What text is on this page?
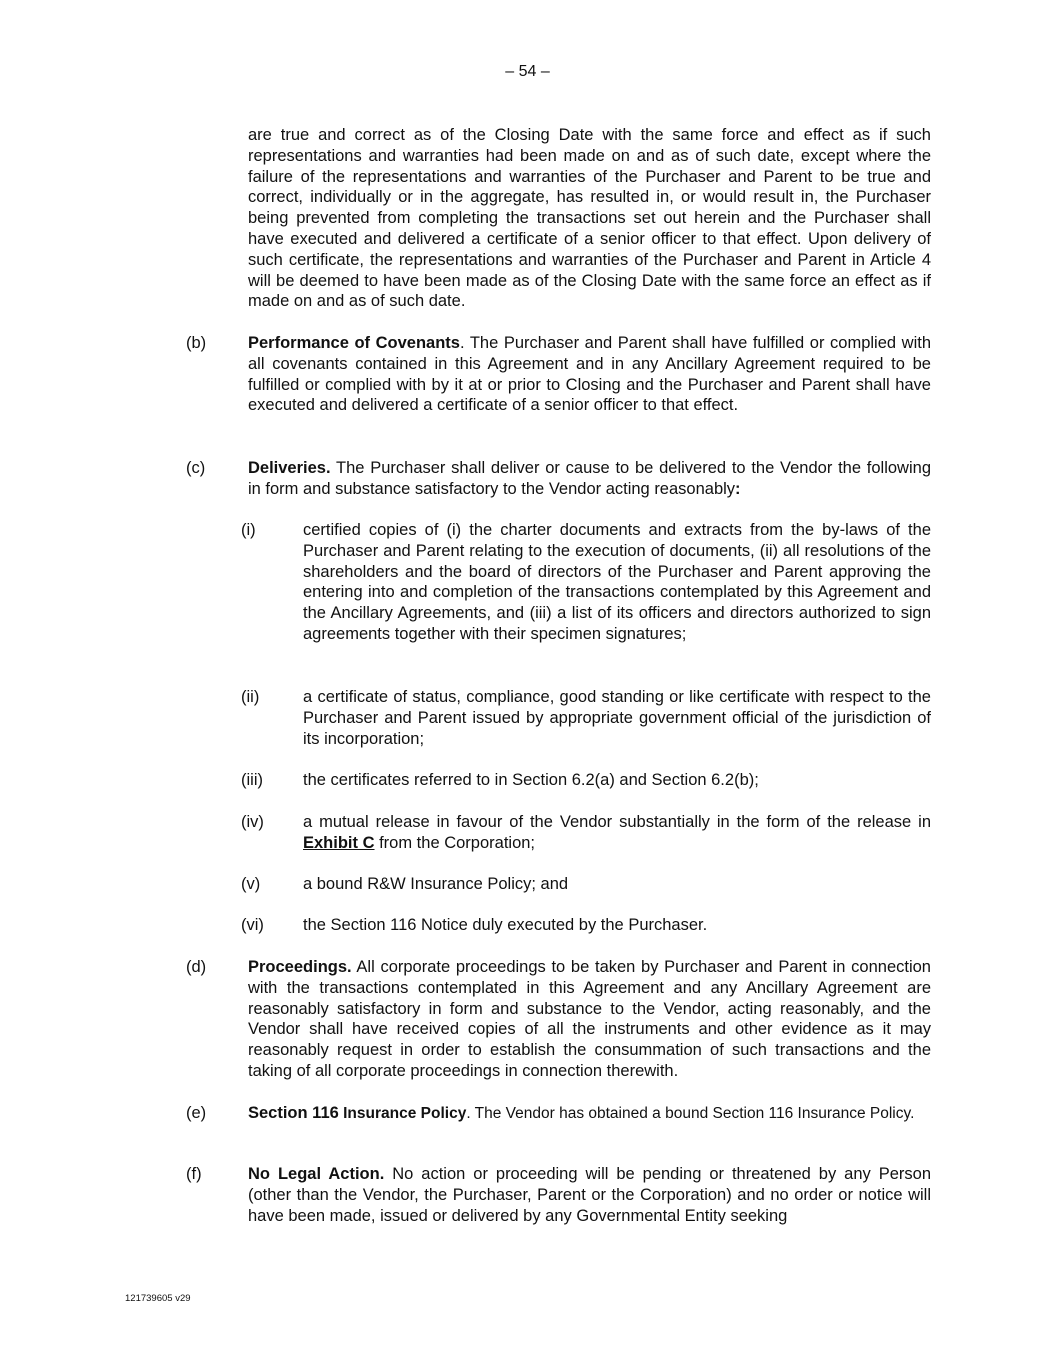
– 54 –
are true and correct as of the Closing Date with the same force and effect as if such representations and warranties had been made on and as of such date, except where the failure of the representations and warranties of the Purchaser and Parent to be true and correct, individually or in the aggregate, has resulted in, or would result in, the Purchaser being prevented from completing the transactions set out herein and the Purchaser shall have executed and delivered a certificate of a senior officer to that effect. Upon delivery of such certificate, the representations and warranties of the Purchaser and Parent in Article 4 will be deemed to have been made as of the Closing Date with the same force an effect as if made on and as of such date.
(b)	Performance of Covenants. The Purchaser and Parent shall have fulfilled or complied with all covenants contained in this Agreement and in any Ancillary Agreement required to be fulfilled or complied with by it at or prior to Closing and the Purchaser and Parent shall have executed and delivered a certificate of a senior officer to that effect.
(c)	Deliveries. The Purchaser shall deliver or cause to be delivered to the Vendor the following in form and substance satisfactory to the Vendor acting reasonably:
(i)	certified copies of (i) the charter documents and extracts from the by-laws of the Purchaser and Parent relating to the execution of documents, (ii) all resolutions of the shareholders and the board of directors of the Purchaser and Parent approving the entering into and completion of the transactions contemplated by this Agreement and the Ancillary Agreements, and (iii) a list of its officers and directors authorized to sign agreements together with their specimen signatures;
(ii)	a certificate of status, compliance, good standing or like certificate with respect to the Purchaser and Parent issued by appropriate government official of the jurisdiction of its incorporation;
(iii) the certificates referred to in Section 6.2(a) and Section 6.2(b);
(iv) a mutual release in favour of the Vendor substantially in the form of the release in Exhibit C from the Corporation;
(v)	a bound R&W Insurance Policy; and
(vi) the Section 116 Notice duly executed by the Purchaser.
(d)	Proceedings. All corporate proceedings to be taken by Purchaser and Parent in connection with the transactions contemplated in this Agreement and any Ancillary Agreement are reasonably satisfactory in form and substance to the Vendor, acting reasonably, and the Vendor shall have received copies of all the instruments and other evidence as it may reasonably request in order to establish the consummation of such transactions and the taking of all corporate proceedings in connection therewith.
(e)	Section 116 Insurance Policy. The Vendor has obtained a bound Section 116 Insurance Policy.
(f)	No Legal Action. No action or proceeding will be pending or threatened by any Person (other than the Vendor, the Purchaser, Parent or the Corporation) and no order or notice will have been made, issued or delivered by any Governmental Entity seeking
121739605 v29
